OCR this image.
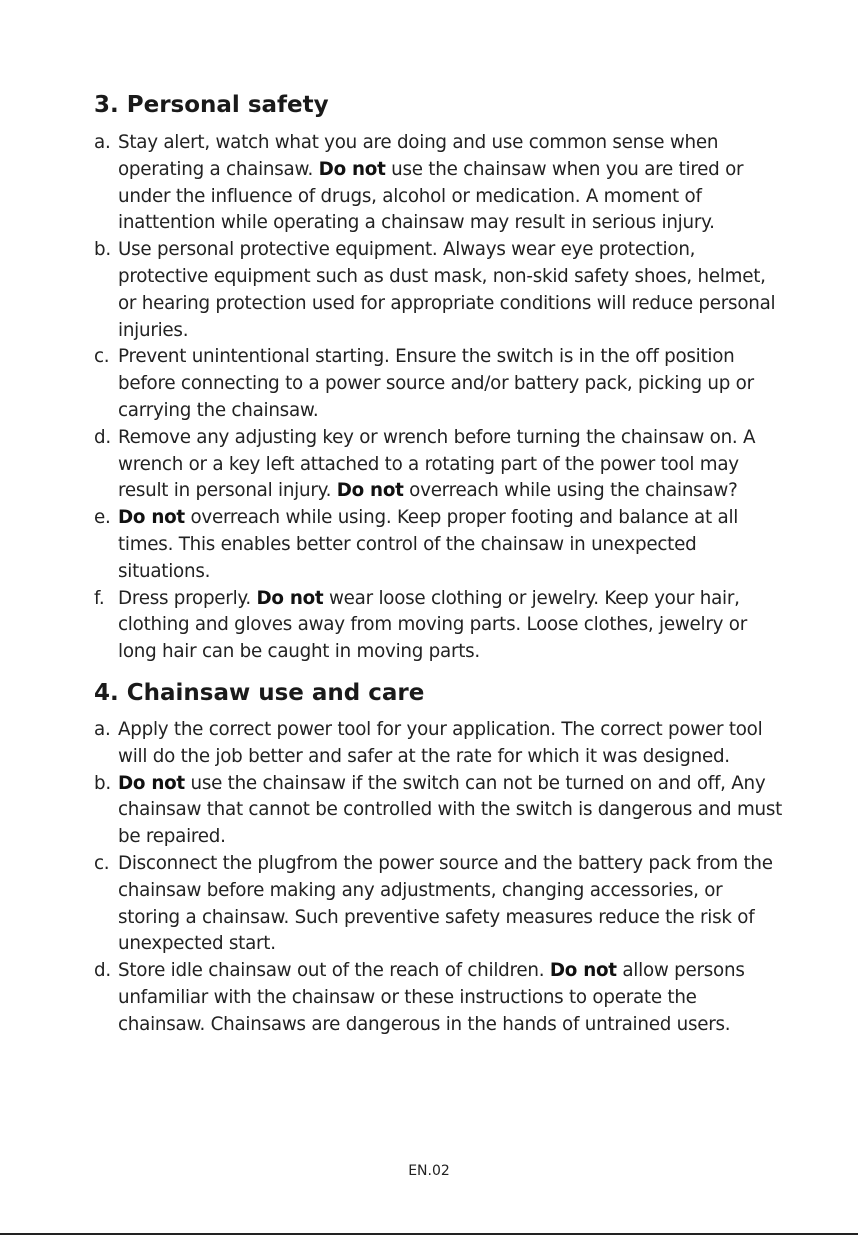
3. Personal safety
a. Stay alert, watch what you are doing and use common sense when operating a chainsaw. Do not use the chainsaw when you are tired or under the influence of drugs, alcohol or medication. A moment of inattention while operating a chainsaw may result in serious injury.
b. Use personal protective equipment. Always wear eye protection, protective equipment such as dust mask, non-skid safety shoes, helmet, or hearing protection used for appropriate conditions will reduce personal injuries.
c. Prevent unintentional starting. Ensure the switch is in the off position before connecting to a power source and/or battery pack, picking up or carrying the chainsaw.
d. Remove any adjusting key or wrench before turning the chainsaw on. A wrench or a key left attached to a rotating part of the power tool may result in personal injury. Do not overreach while using the chainsaw?
e. Do not overreach while using. Keep proper footing and balance at all times. This enables better control of the chainsaw in unexpected situations.
f. Dress properly. Do not wear loose clothing or jewelry. Keep your hair, clothing and gloves away from moving parts. Loose clothes, jewelry or long hair can be caught in moving parts.
4. Chainsaw use and care
a. Apply the correct power tool for your application. The correct power tool will do the job better and safer at the rate for which it was designed.
b. Do not use the chainsaw if the switch can not be turned on and off, Any chainsaw that cannot be controlled with the switch is dangerous and must be repaired.
c. Disconnect the plugfrom the power source and the battery pack from the chainsaw before making any adjustments, changing accessories, or storing a chainsaw. Such preventive safety measures reduce the risk of unexpected start.
d. Store idle chainsaw out of the reach of children. Do not allow persons unfamiliar with the chainsaw or these instructions to operate the chainsaw. Chainsaws are dangerous in the hands of untrained users.
EN.02
